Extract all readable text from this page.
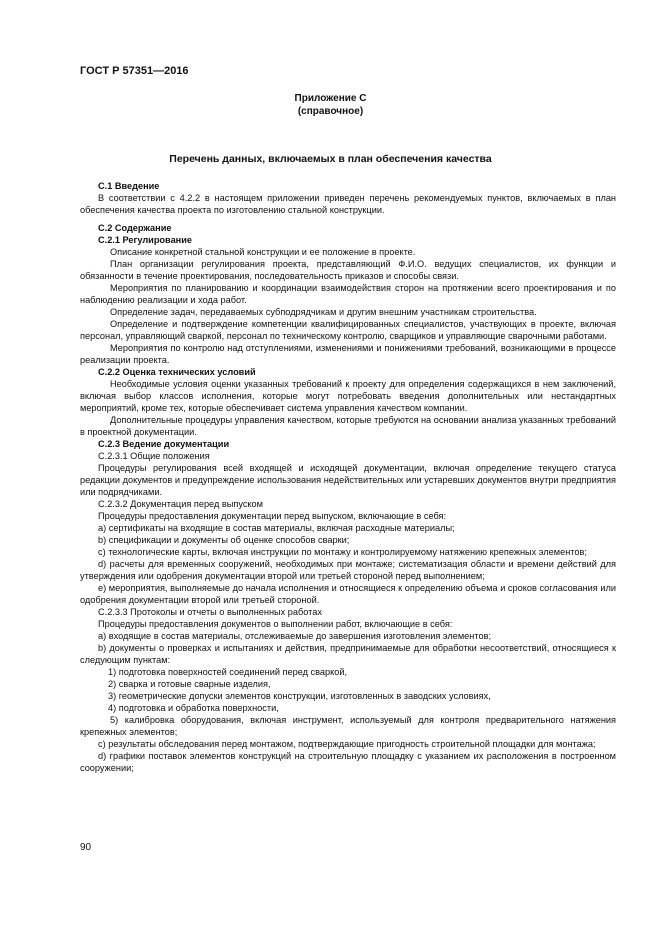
ГОСТ Р 57351—2016
Приложение С
(справочное)
Перечень данных, включаемых в план обеспечения качества

С.1 Введение

В соответствии с 4.2.2 в настоящем приложении приведен перечень рекомендуемых пунктов, включаемых в план обеспечения качества проекта по изготовлению стальной конструкции.

С.2 Содержание

С.2.1 Регулирование

Описание конкретной стальной конструкции и ее положение в проекте.

План организации регулирования проекта, представляющий Ф.И.О. ведущих специалистов, их функции и обязанности в течение проектирования, последовательность приказов и способы связи.

Мероприятия по планированию и координации взаимодействия сторон на протяжении всего проектирования и по наблюдению реализации и хода работ.

Определение задач, передаваемых субподрядчикам и другим внешним участникам строительства.

Определение и подтверждение компетенции квалифицированных специалистов, участвующих в проекте, включая персонал, управляющий сваркой, персонал по техническому контролю, сварщиков и управляющие сварочными работами.

Мероприятия по контролю над отступлениями, изменениями и понижениями требований, возникающими в процессе реализации проекта.

С.2.2 Оценка технических условий

Необходимые условия оценки указанных требований к проекту для определения содержащихся в нем заключений, включая выбор классов исполнения, которые могут потребовать введения дополнительных или нестандартных мероприятий, кроме тех, которые обеспечивает система управления качеством компании.

Дополнительные процедуры управления качеством, которые требуются на основании анализа указанных требований в проектной документации.

С.2.3 Ведение документации

С.2.3.1 Общие положения

Процедуры регулирования всей входящей и исходящей документации, включая определение текущего статуса редакции документов и предупреждение использования недействительных или устаревших документов внутри предприятия или подрядчиками.

С.2.3.2 Документация перед выпуском

Процедуры предоставления документации перед выпуском, включающие в себя:

a) сертификаты на входящие в состав материалы, включая расходные материалы;

b) спецификации и документы об оценке способов сварки;

c) технологические карты, включая инструкции по монтажу и контролируемому натяжению крепежных элементов;

d) расчеты для временных сооружений, необходимых при монтаже; систематизация области и времени действий для утверждения или одобрения документации второй или третьей стороной перед выполнением;

e) мероприятия, выполняемые до начала исполнения и относящиеся к определению объема и сроков согласования или одобрения документации второй или третьей стороной.

С.2.3.3 Протоколы и отчеты о выполненных работах

Процедуры предоставления документов о выполнении работ, включающие в себя:

a) входящие в состав материалы, отслеживаемые до завершения изготовления элементов;

b) документы о проверках и испытаниях и действия, предпринимаемые для обработки несоответствий, относящиеся к следующим пунктам:

1) подготовка поверхностей соединений перед сваркой,

2) сварка и готовые сварные изделия,

3) геометрические допуски элементов конструкции, изготовленных в заводских условиях,

4) подготовка и обработка поверхности,

5) калибровка оборудования, включая инструмент, используемый для контроля предварительного натяжения крепежных элементов;

c) результаты обследования перед монтажом, подтверждающие пригодность строительной площадки для монтажа;

d) графики поставок элементов конструкций на строительную площадку с указанием их расположения в построенном сооружении;

90
